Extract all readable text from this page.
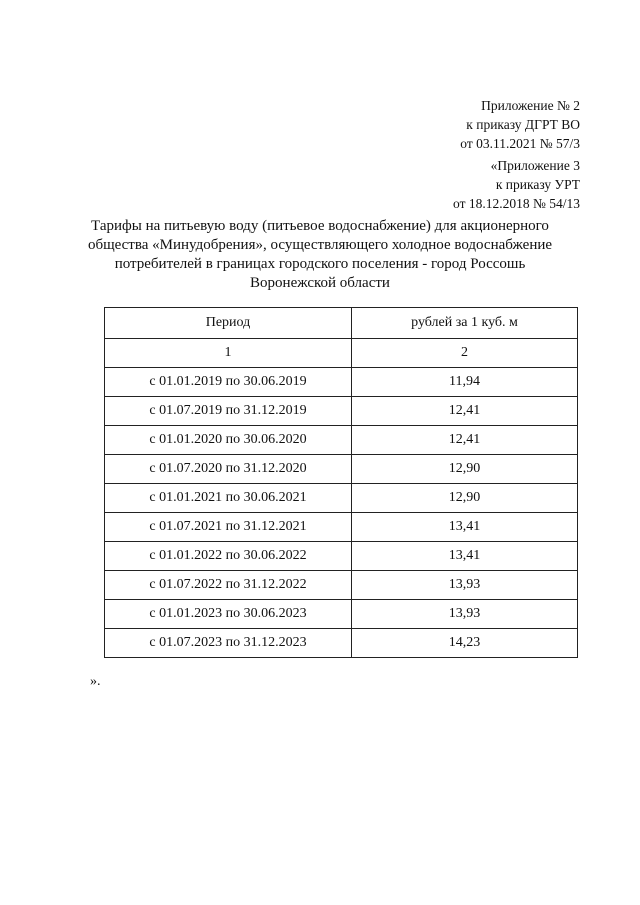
Приложение № 2
к приказу ДГРТ ВО
от 03.11.2021 № 57/3
«Приложение 3
к приказу УРТ
от 18.12.2018 № 54/13
Тарифы на питьевую воду (питьевое водоснабжение) для акционерного
общества «Минудобрения», осуществляющего холодное водоснабжение
потребителей в границах городского поселения - город Россошь
Воронежской области
Период	рублей за 1 куб. м
1	2
с 01.01.2019 по 30.06.2019	11,94
с 01.07.2019 по 31.12.2019	12,41
с 01.01.2020 по 30.06.2020	12,41
с 01.07.2020 по 31.12.2020	12,90
с 01.01.2021 по 30.06.2021	12,90
с 01.07.2021 по 31.12.2021	13,41
с 01.01.2022 по 30.06.2022	13,41
с 01.07.2022 по 31.12.2022	13,93
с 01.01.2023 по 30.06.2023	13,93
с 01.07.2023 по 31.12.2023	14,23
».
